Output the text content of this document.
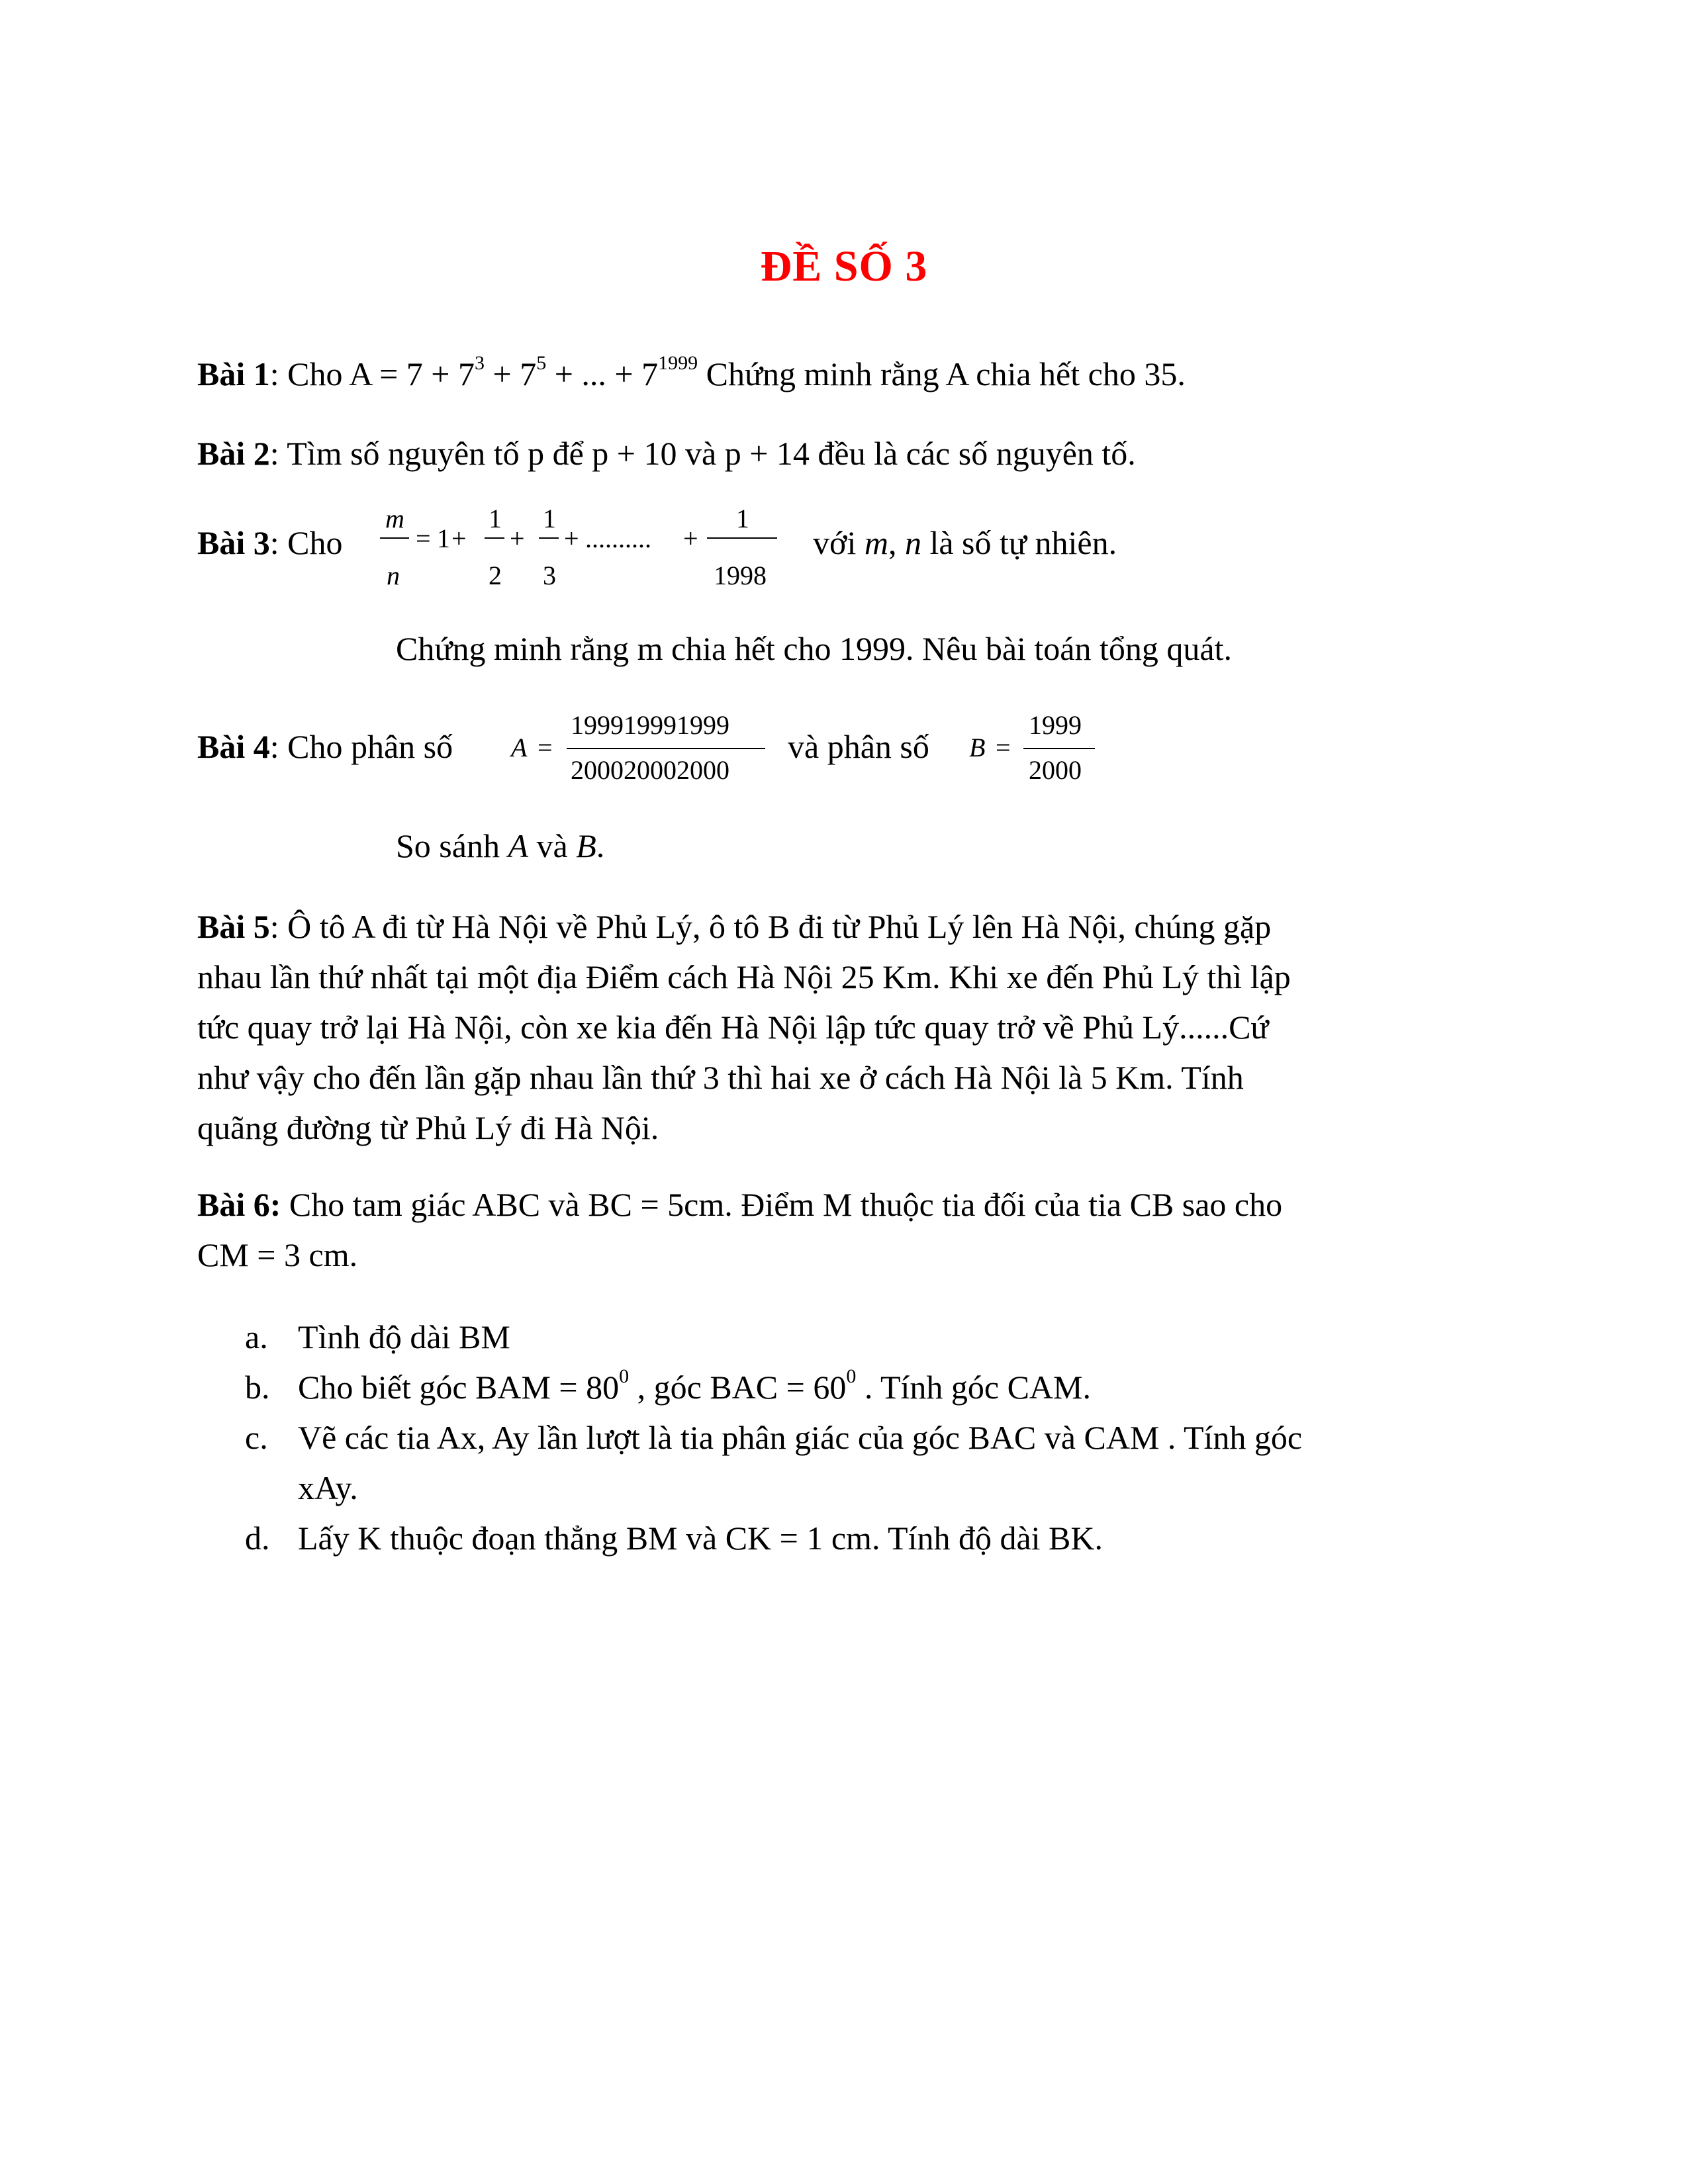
ĐỀ SỐ 3
Bài 1: Cho $A = 7 + 7^3 + 7^5$ + ... + $7^{1999}$ Chứng minh rằng A chia hết cho 35.
Bài 2: Tìm số nguyên tố p để p + 10 và p + 14 đều là các số nguyên tố.
Bài 3: Cho
m
n
= 1 +
1
2
+
1
3
+ .......... +
1
1998
với m, n là số tự nhiên.
Chứng minh rằng m chia hết cho 1999. Nêu bài toán tổng quát.
Bài 4: Cho phân số A =
199919991999
200020002000
và phân số B =
1999
2000
So sánh A và B.
Bài 5: Ô tô A đi từ Hà Nội về Phủ Lý, ô tô B đi từ Phủ Lý lên Hà Nội, chúng gặp
nhau lần thứ nhất tại một địa Điểm cách Hà Nội 25 Km. Khi xe đến Phủ Lý thì lập
tức quay trở lại Hà Nội, còn xe kia đến Hà Nội lập tức quay trở về Phủ Lý......Cứ
như vậy cho đến lần gặp nhau lần thứ 3 thì hai xe ở cách Hà Nội là 5 Km. Tính
quãng đường từ Phủ Lý đi Hà Nội.
Bài 6: Cho tam giác ABC và BC = 5cm. Điểm M thuộc tia đối của tia CB sao cho
CM = 3 cm.
a. Tình độ dài BM
b. Cho biết góc BAM = $80^0$ , góc BAC = $60^0$ . Tính góc CAM.
c. Vẽ các tia Ax, Ay lần lượt là tia phân giác của góc BAC và CAM . Tính góc
xAy.
d. Lấy K thuộc đoạn thẳng BM và CK = 1 cm. Tính độ dài BK.
